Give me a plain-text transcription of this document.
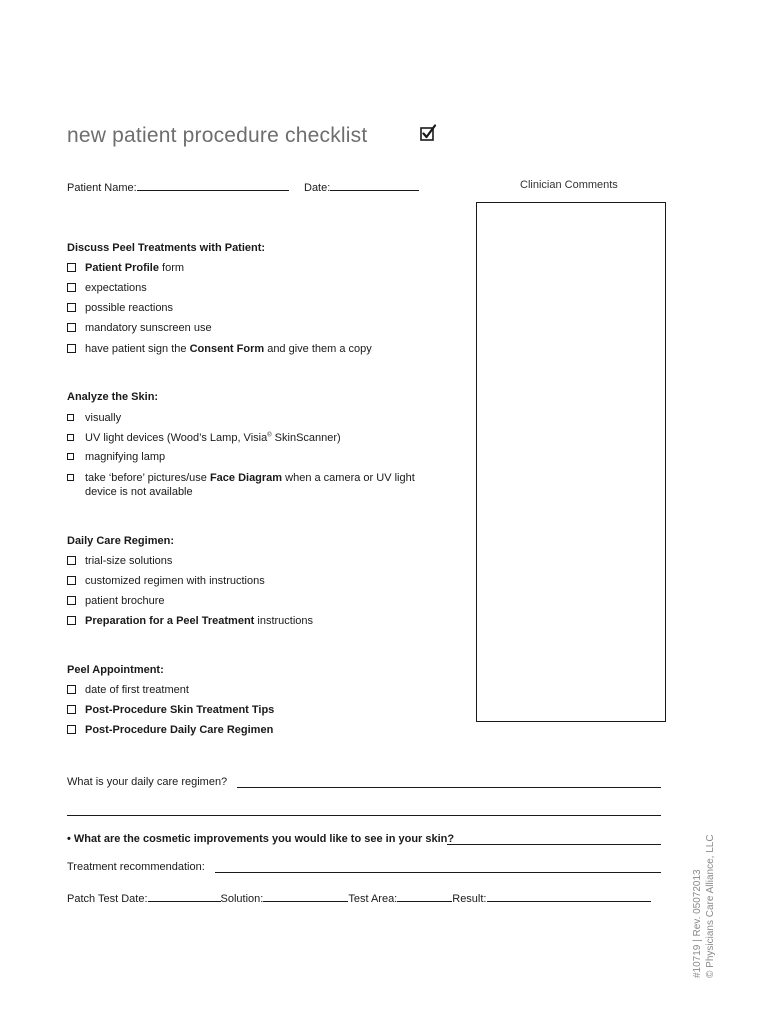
new patient procedure checklist
Patient Name:	Date:	Clinician Comments
Discuss Peel Treatments with Patient:
Patient Profile form
expectations
possible reactions
mandatory sunscreen use
have patient sign the Consent Form and give them a copy
Analyze the Skin:
visually
UV light devices (Wood’s Lamp, Visia® SkinScanner)
magnifying lamp
take ‘before’ pictures/use Face Diagram when a camera or UV light
device is not available
Daily Care Regimen:
trial-size solutions
customized regimen with instructions
patient brochure
Preparation for a Peel Treatment instructions
Peel Appointment:
date of first treatment
Post-Procedure Skin Treatment Tips
Post-Procedure Daily Care Regimen
What is your daily care regimen?
• What are the cosmetic improvements you would like to see in your skin?
Treatment recommendation:
Patch Test Date:	Solution:	Test Area:	Result:	#10719 | Rev. 05072013 © Physicians Care Alliance, LLC
